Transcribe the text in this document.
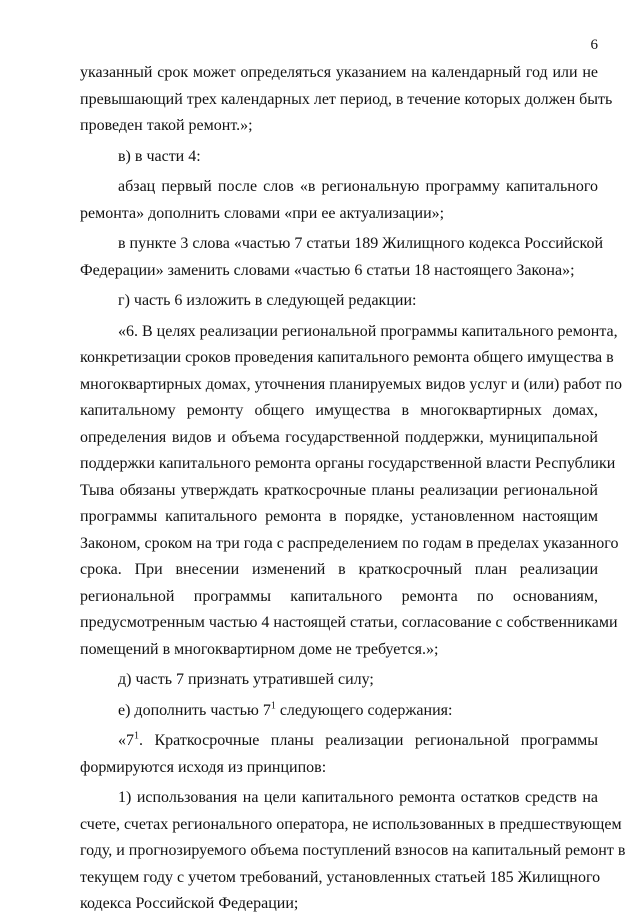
6
указанный срок может определяться указанием на календарный год или не
превышающий трех календарных лет период, в течение которых должен быть
проведен такой ремонт.»;
в) в части 4:
абзац первый после слов «в региональную программу капитального
ремонта» дополнить словами «при ее актуализации»;
в пункте 3 слова «частью 7 статьи 189 Жилищного кодекса Российской
Федерации» заменить словами «частью 6 статьи 18 настоящего Закона»;
г) часть 6 изложить в следующей редакции:
«6. В целях реализации региональной программы капитального ремонта,
конкретизации сроков проведения капитального ремонта общего имущества в
многоквартирных домах, уточнения планируемых видов услуг и (или) работ по
капитальному ремонту общего имущества в многоквартирных домах,
определения видов и объема государственной поддержки, муниципальной
поддержки капитального ремонта органы государственной власти Республики
Тыва обязаны утверждать краткосрочные планы реализации региональной
программы капитального ремонта в порядке, установленном настоящим
Законом, сроком на три года с распределением по годам в пределах указанного
срока. При внесении изменений в краткосрочный план реализации
региональной программы капитального ремонта по основаниям,
предусмотренным частью 4 настоящей статьи, согласование с собственниками
помещений в многоквартирном доме не требуется.»;
д) часть 7 признать утратившей силу;
е) дополнить частью $7^1$ следующего содержания:
«$7^1$. Краткосрочные планы реализации региональной программы
формируются исходя из принципов:
1) использования на цели капитального ремонта остатков средств на
счете, счетах регионального оператора, не использованных в предшествующем
году, и прогнозируемого объема поступлений взносов на капитальный ремонт в
текущем году с учетом требований, установленных статьей 185 Жилищного
кодекса Российской Федерации;
